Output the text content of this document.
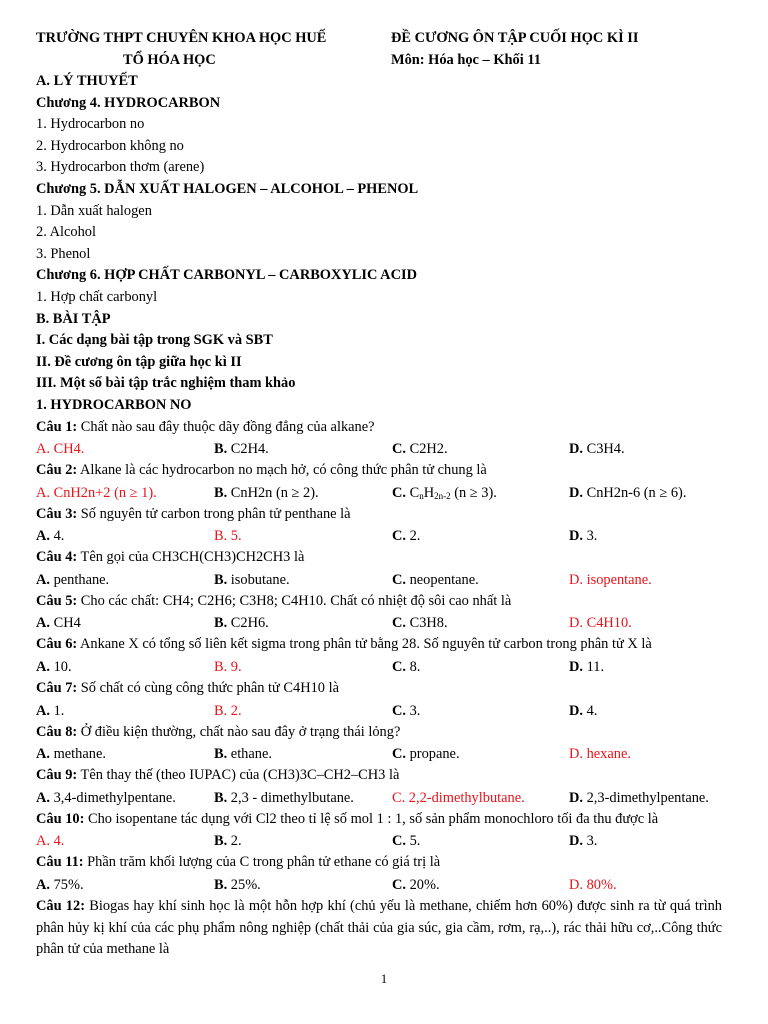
TRƯỜNG THPT CHUYÊN KHOA HỌC HUẾ
TỔ HÓA HỌC
ĐỀ CƯƠNG ÔN TẬP CUỐI HỌC KÌ II
Môn: Hóa học – Khối 11
A. LÝ THUYẾT
Chương 4. HYDROCARBON
1. Hydrocarbon no
2. Hydrocarbon không no
3. Hydrocarbon thơm (arene)
Chương 5. DẪN XUẤT HALOGEN – ALCOHOL – PHENOL
1. Dẫn xuất halogen
2. Alcohol
3. Phenol
Chương 6. HỢP CHẤT CARBONYL – CARBOXYLIC ACID
1. Hợp chất carbonyl
B. BÀI TẬP
I. Các dạng bài tập trong SGK và SBT
II. Đề cương ôn tập giữa học kì II
III. Một số bài tập trắc nghiệm tham khảo
1. HYDROCARBON NO
Câu 1: Chất nào sau đây thuộc dãy đồng đẳng của alkane?
A. CH4.	B. C2H4.	C. C2H2.	D. C3H4.
Câu 2: Alkane là các hydrocarbon no mạch hở, có công thức phân tử chung là
A. CnH2n+2 (n ≥ 1).	B. CnH2n (n ≥ 2).	C. $C_nH_{2n-2}$ (n ≥ 3).	D. CnH2n-6 (n ≥ 6).
Câu 3: Số nguyên tử carbon trong phân tử penthane là
A. 4.	B. 5.	C. 2.	D. 3.
Câu 4: Tên gọi của CH3CH(CH3)CH2CH3 là
A. penthane.	B. isobutane.	C. neopentane.	D. isopentane.
Câu 5: Cho các chất: CH4; C2H6; C3H8; C4H10. Chất có nhiệt độ sôi cao nhất là
A. CH4	B. C2H6.	C. C3H8.	D. C4H10.
Câu 6: Ankane X có tổng số liên kết sigma trong phân tử bằng 28. Số nguyên tử carbon trong phân tử X là
A. 10.	B. 9.	C. 8.	D. 11.
Câu 7: Số chất có cùng công thức phân tử C4H10 là
A. 1.	B. 2.	C. 3.	D. 4.
Câu 8: Ở điều kiện thường, chất nào sau đây ở trạng thái lỏng?
A. methane.	B. ethane.	C. propane.	D. hexane.
Câu 9: Tên thay thế (theo IUPAC) của (CH3)3C–CH2–CH3 là
A. 3,4-dimethylpentane.	B. 2,3 - dimethylbutane.	C. 2,2-dimethylbutane.	D. 2,3-dimethylpentane.
Câu 10: Cho isopentane tác dụng với Cl2 theo tỉ lệ số mol 1 : 1, số sản phẩm monochloro tối đa thu được là
A. 4.	B. 2.	C. 5.	D. 3.
Câu 11: Phần trăm khối lượng của C trong phân tử ethane có giá trị là
A. 75%.	B. 25%.	C. 20%.	D. 80%.
Câu 12: Biogas hay khí sinh học là một hỗn hợp khí (chủ yếu là methane, chiếm hơn 60%) được sinh ra từ quá trình phân hủy kị khí của các phụ phẩm nông nghiệp (chất thải của gia súc, gia cầm, rơm, rạ,..), rác thải hữu cơ,..Công thức phân tử của methane là
1
